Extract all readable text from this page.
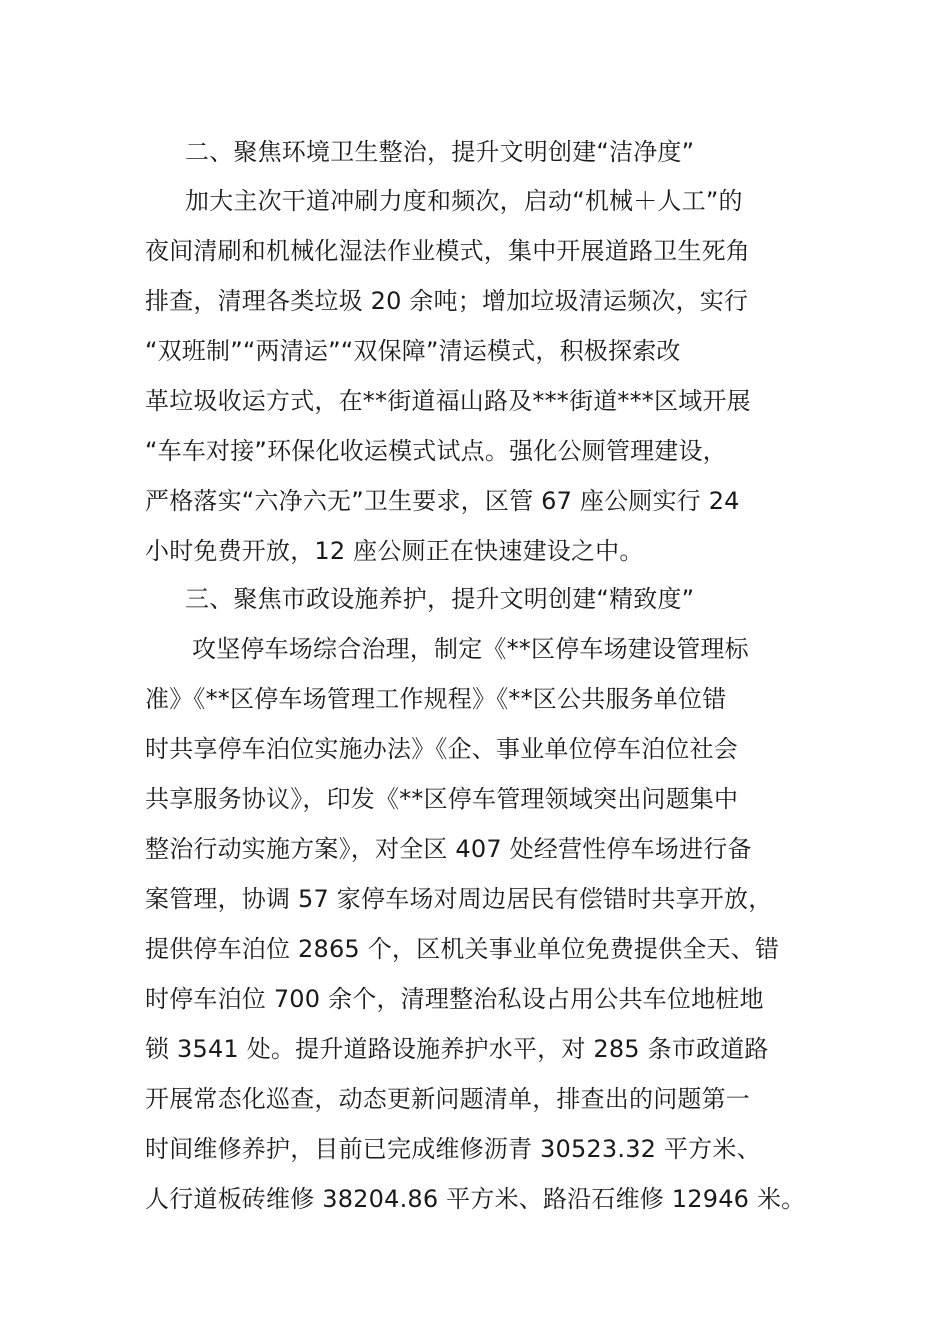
二、聚焦环境卫生整治，提升文明创建“洁净度”
加大主次干道冲刷力度和频次，启动“机械＋人工”的
夜间清刷和机械化湿法作业模式，集中开展道路卫生死角
排查，清理各类垃圾 20 余吨；增加垃圾清运频次，实行
“双班制”“两清运”“双保障”清运模式，积极探索改
革垃圾收运方式，在**街道福山路及***街道***区域开展
“车车对接”环保化收运模式试点。强化公厕管理建设，
严格落实“六净六无”卫生要求，区管 67 座公厕实行 24
小时免费开放，12 座公厕正在快速建设之中。
三、聚焦市政设施养护，提升文明创建“精致度”
攻坚停车场综合治理，制定《**区停车场建设管理标
准》《**区停车场管理工作规程》《**区公共服务单位错
时共享停车泊位实施办法》《企、事业单位停车泊位社会
共享服务协议》，印发《**区停车管理领域突出问题集中
整治行动实施方案》，对全区 407 处经营性停车场进行备
案管理，协调 57 家停车场对周边居民有偿错时共享开放，
提供停车泊位 2865 个，区机关事业单位免费提供全天、错
时停车泊位 700 余个，清理整治私设占用公共车位地桩地
锁 3541 处。提升道路设施养护水平，对 285 条市政道路
开展常态化巡查，动态更新问题清单，排查出的问题第一
时间维修养护，目前已完成维修沥青 30523.32 平方米、
人行道板砖维修 38204.86 平方米、路沿石维修 12946 米。
